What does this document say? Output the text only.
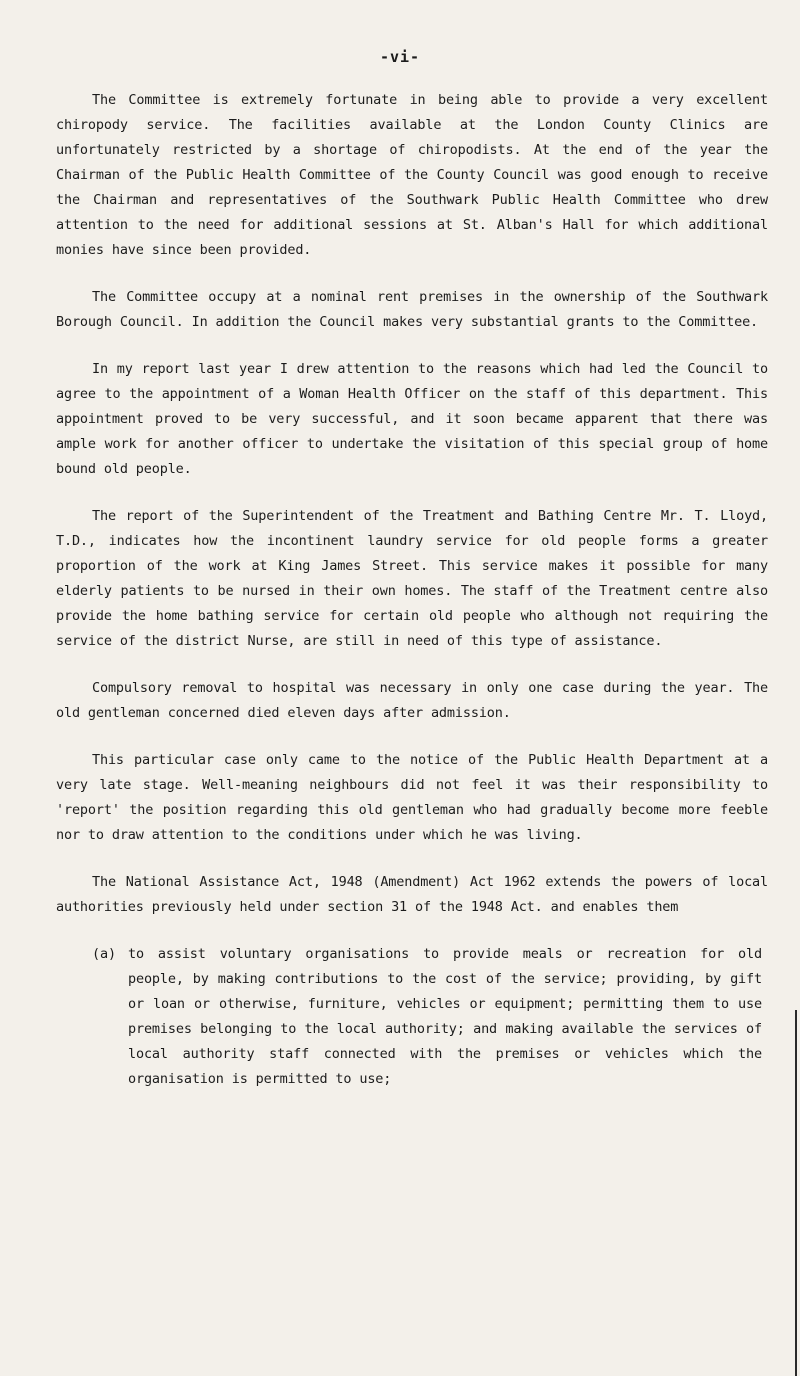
-vi-

The Committee is extremely fortunate in being able to provide a very excellent chiropody service. The facilities available at the London County Clinics are unfortunately restricted by a shortage of chiropodists. At the end of the year the Chairman of the Public Health Committee of the County Council was good enough to receive the Chairman and representatives of the Southwark Public Health Committee who drew attention to the need for additional sessions at St. Alban's Hall for which additional monies have since been provided.

The Committee occupy at a nominal rent premises in the ownership of the Southwark Borough Council. In addition the Council makes very substantial grants to the Committee.

In my report last year I drew attention to the reasons which had led the Council to agree to the appointment of a Woman Health Officer on the staff of this department. This appointment proved to be very successful, and it soon became apparent that there was ample work for another officer to undertake the visitation of this special group of home bound old people.

The report of the Superintendent of the Treatment and Bathing Centre Mr. T. Lloyd, T.D., indicates how the incontinent laundry service for old people forms a greater proportion of the work at King James Street. This service makes it possible for many elderly patients to be nursed in their own homes. The staff of the Treatment centre also provide the home bathing service for certain old people who although not requiring the service of the district Nurse, are still in need of this type of assistance.

Compulsory removal to hospital was necessary in only one case during the year. The old gentleman concerned died eleven days after admission.

This particular case only came to the notice of the Public Health Department at a very late stage. Well-meaning neighbours did not feel it was their responsibility to 'report' the position regarding this old gentleman who had gradually become more feeble nor to draw attention to the conditions under which he was living.

The National Assistance Act, 1948 (Amendment) Act 1962 extends the powers of local authorities previously held under section 31 of the 1948 Act. and enables them

(a) to assist voluntary organisations to provide meals or recreation for old people, by making contributions to the cost of the service; providing, by gift or loan or otherwise, furniture, vehicles or equipment; permitting them to use premises belonging to the local authority; and making available the services of local authority staff connected with the premises or vehicles which the organisation is permitted to use;
